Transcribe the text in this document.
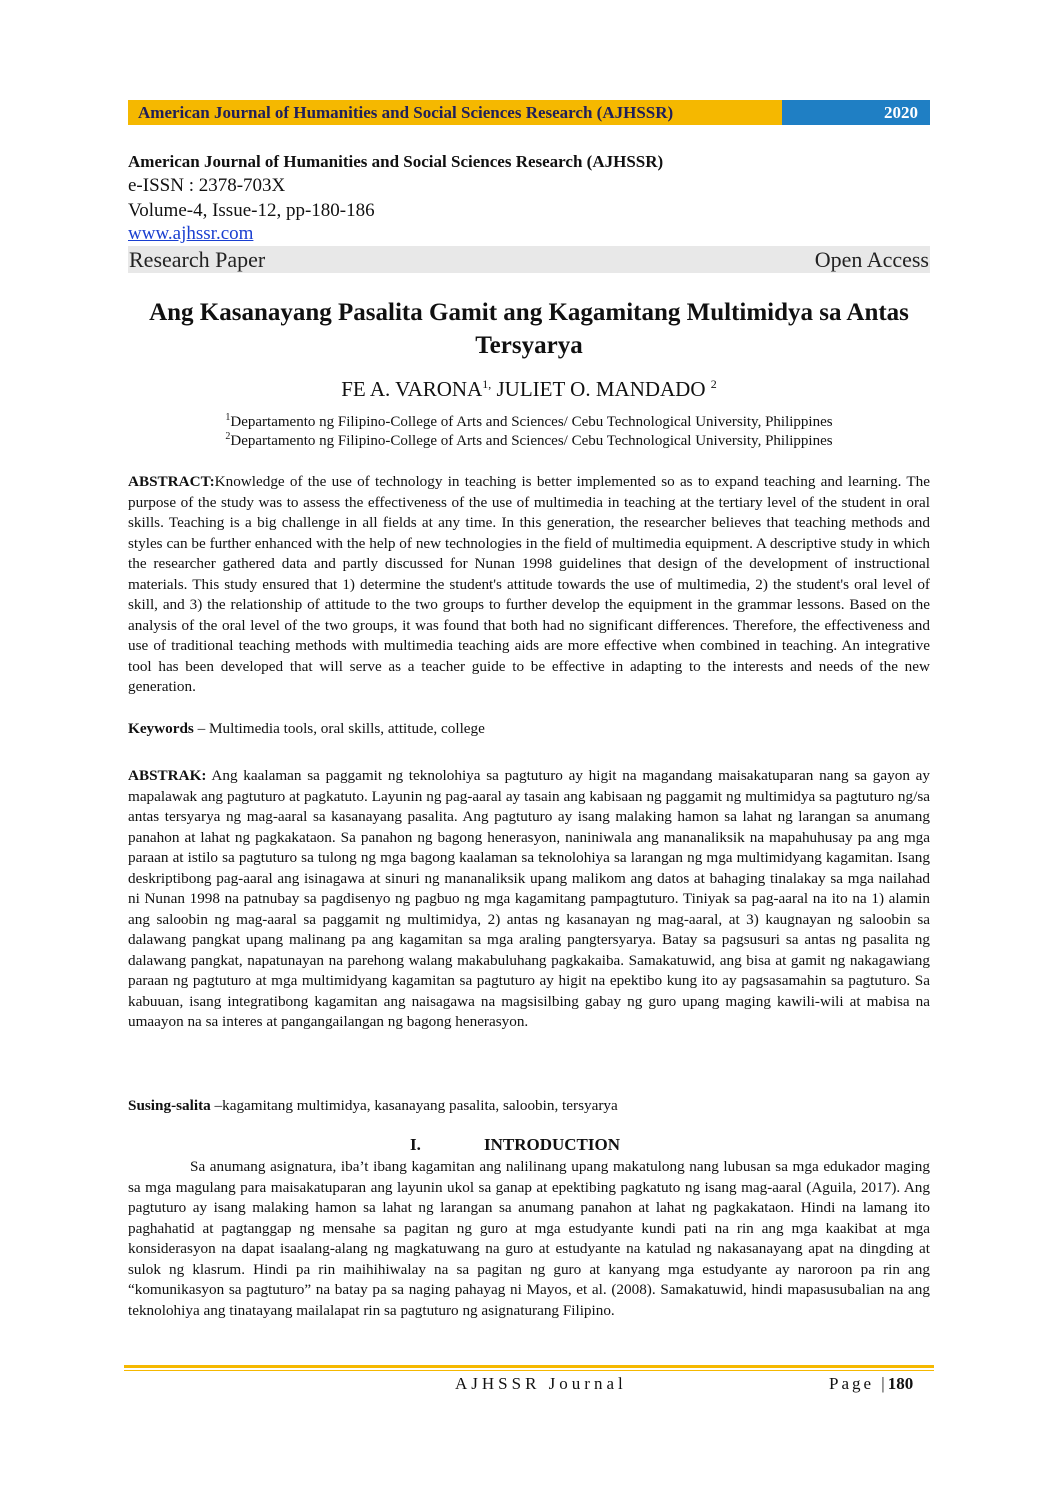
American Journal of Humanities and Social Sciences Research (AJHSSR)	2020
American Journal of Humanities and Social Sciences Research (AJHSSR)
e-ISSN : 2378-703X
Volume-4, Issue-12, pp-180-186
www.ajhssr.com
Research Paper	Open Access
Ang Kasanayang Pasalita Gamit ang Kagamitang Multimidya sa Antas Tersyarya
FE A. $VARONA^{1,}$ JULIET O. MANDADO $^2$
$^1$Departamento ng Filipino-College of Arts and Sciences/ Cebu Technological University, Philippines
$^2$Departamento ng Filipino-College of Arts and Sciences/ Cebu Technological University, Philippines
ABSTRACT:Knowledge of the use of technology in teaching is better implemented so as to expand teaching and learning. The purpose of the study was to assess the effectiveness of the use of multimedia in teaching at the tertiary level of the student in oral skills. Teaching is a big challenge in all fields at any time. In this generation, the researcher believes that teaching methods and styles can be further enhanced with the help of new technologies in the field of multimedia equipment. A descriptive study in which the researcher gathered data and partly discussed for Nunan 1998 guidelines that design of the development of instructional materials. This study ensured that 1) determine the student's attitude towards the use of multimedia, 2) the student's oral level of skill, and 3) the relationship of attitude to the two groups to further develop the equipment in the grammar lessons. Based on the analysis of the oral level of the two groups, it was found that both had no significant differences. Therefore, the effectiveness and use of traditional teaching methods with multimedia teaching aids are more effective when combined in teaching. An integrative tool has been developed that will serve as a teacher guide to be effective in adapting to the interests and needs of the new generation.
Keywords – Multimedia tools, oral skills, attitude, college
ABSTRAK: Ang kaalaman sa paggamit ng teknolohiya sa pagtuturo ay higit na magandang maisakatuparan nang sa gayon ay mapalawak ang pagtuturo at pagkatuto. Layunin ng pag-aaral ay tasain ang kabisaan ng paggamit ng multimidya sa pagtuturo ng/sa antas tersyarya ng mag-aaral sa kasanayang pasalita. Ang pagtuturo ay isang malaking hamon sa lahat ng larangan sa anumang panahon at lahat ng pagkakataon. Sa panahon ng bagong henerasyon, naniniwala ang mananaliksik na mapahuhusay pa ang mga paraan at istilo sa pagtuturo sa tulong ng mga bagong kaalaman sa teknolohiya sa larangan ng mga multimidyang kagamitan. Isang deskriptibong pag-aaral ang isinagawa at sinuri ng mananaliksik upang malikom ang datos at bahaging tinalakay sa mga nailahad ni Nunan 1998 na patnubay sa pagdisenyo ng pagbuo ng mga kagamitang pampagtuturo. Tiniyak sa pag-aaral na ito na 1) alamin ang saloobin ng mag-aaral sa paggamit ng multimidya, 2) antas ng kasanayan ng mag-aaral, at 3) kaugnayan ng saloobin sa dalawang pangkat upang malinang pa ang kagamitan sa mga araling pangtersyarya. Batay sa pagsusuri sa antas ng pasalita ng dalawang pangkat, napatunayan na parehong walang makabuluhang pagkakaiba. Samakatuwid, ang bisa at gamit ng nakagawiang paraan ng pagtuturo at mga multimidyang kagamitan sa pagtuturo ay higit na epektibo kung ito ay pagsasamahin sa pagtuturo. Sa kabuuan, isang integratibong kagamitan ang naisagawa na magsisilbing gabay ng guro upang maging kawili-wili at mabisa na umaayon na sa interes at pangangailangan ng bagong henerasyon.
Susing-salita –kagamitang multimidya, kasanayang pasalita, saloobin, tersyarya
I.	INTRODUCTION
Sa anumang asignatura, iba’t ibang kagamitan ang nalilinang upang makatulong nang lubusan sa mga edukador maging sa mga magulang para maisakatuparan ang layunin ukol sa ganap at epektibing pagkatuto ng isang mag-aaral (Aguila, 2017). Ang pagtuturo ay isang malaking hamon sa lahat ng larangan sa anumang panahon at lahat ng pagkakataon. Hindi na lamang ito paghahatid at pagtanggap ng mensahe sa pagitan ng guro at mga estudyante kundi pati na rin ang mga kaakibat at mga konsiderasyon na dapat isaalang-alang ng magkatuwang na guro at estudyante na katulad ng nakasanayang apat na dingding at sulok ng klasrum. Hindi pa rin maihihiwalay na sa pagitan ng guro at kanyang mga estudyante ay naroroon pa rin ang “komunikasyon sa pagtuturo” na batay pa sa naging pahayag ni Mayos, et al. (2008). Samakatuwid, hindi mapasusubalian na ang teknolohiya ang tinatayang mailalapat rin sa pagtuturo ng asignaturang Filipino.
AJHSSR Journal	Page |180
